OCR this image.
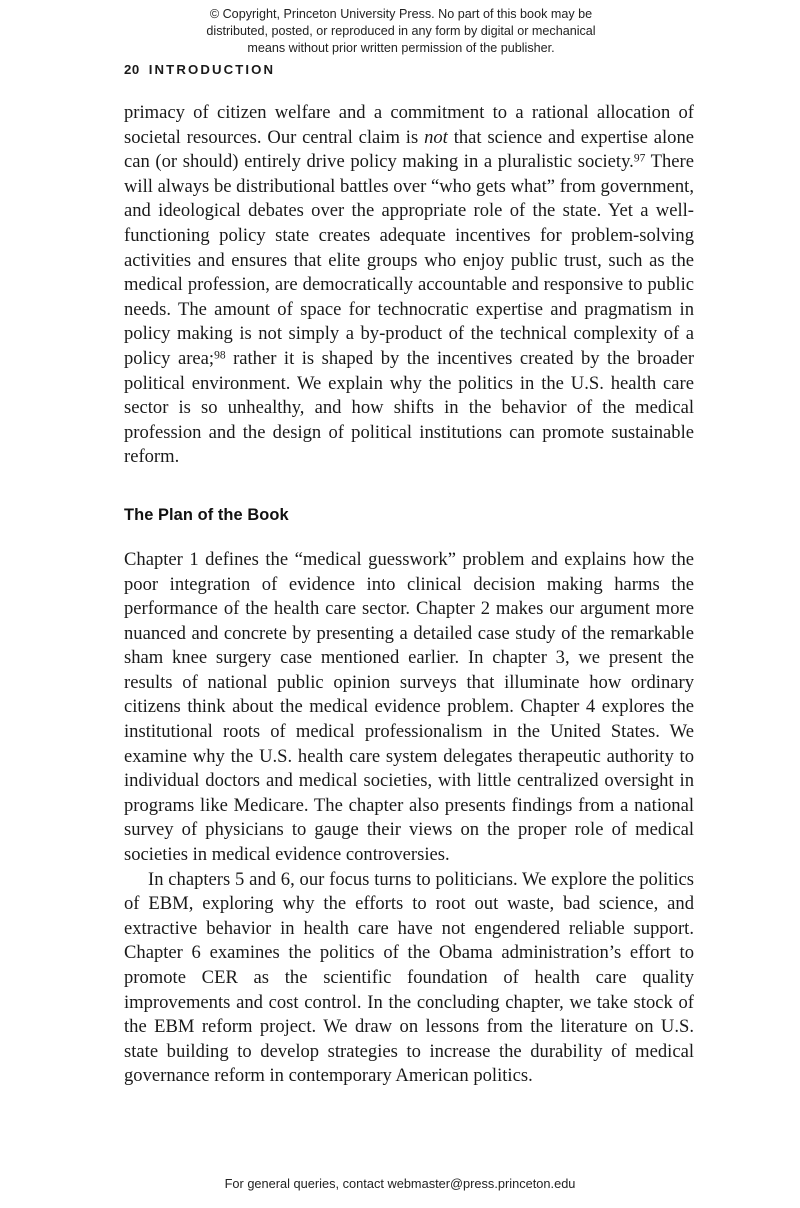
© Copyright, Princeton University Press. No part of this book may be
distributed, posted, or reproduced in any form by digital or mechanical
means without prior written permission of the publisher.
20 INTRODUCTION

primacy of citizen welfare and a commitment to a rational allocation of societal resources. Our central claim is not that science and expertise alone can (or should) entirely drive policy making in a pluralistic society.$^{97}$ There will always be distributional battles over “who gets what” from government, and ideological debates over the appropriate role of the state. Yet a well-functioning policy state creates adequate incentives for problem-solving activities and ensures that elite groups who enjoy public trust, such as the medical profession, are democratically accountable and responsive to public needs. The amount of space for technocratic expertise and pragmatism in policy making is not simply a by-product of the technical complexity of a policy area;$^{98}$ rather it is shaped by the incentives created by the broader political environment. We explain why the politics in the U.S. health care sector is so unhealthy, and how shifts in the behavior of the medical profession and the design of political institutions can promote sustainable reform.

The Plan of the Book

Chapter 1 defines the “medical guesswork” problem and explains how the poor integration of evidence into clinical decision making harms the performance of the health care sector. Chapter 2 makes our argument more nuanced and concrete by presenting a detailed case study of the remarkable sham knee surgery case mentioned earlier. In chapter 3, we present the results of national public opinion surveys that illuminate how ordinary citizens think about the medical evidence problem. Chapter 4 explores the institutional roots of medical professionalism in the United States. We examine why the U.S. health care system delegates therapeutic authority to individual doctors and medical societies, with little centralized oversight in programs like Medicare. The chapter also presents findings from a national survey of physicians to gauge their views on the proper role of medical societies in medical evidence controversies.

In chapters 5 and 6, our focus turns to politicians. We explore the politics of EBM, exploring why the efforts to root out waste, bad science, and extractive behavior in health care have not engendered reliable support. Chapter 6 examines the politics of the Obama administration’s effort to promote CER as the scientific foundation of health care quality improvements and cost control. In the concluding chapter, we take stock of the EBM reform project. We draw on lessons from the literature on U.S. state building to develop strategies to increase the durability of medical governance reform in contemporary American politics.

For general queries, contact webmaster@press.princeton.edu
